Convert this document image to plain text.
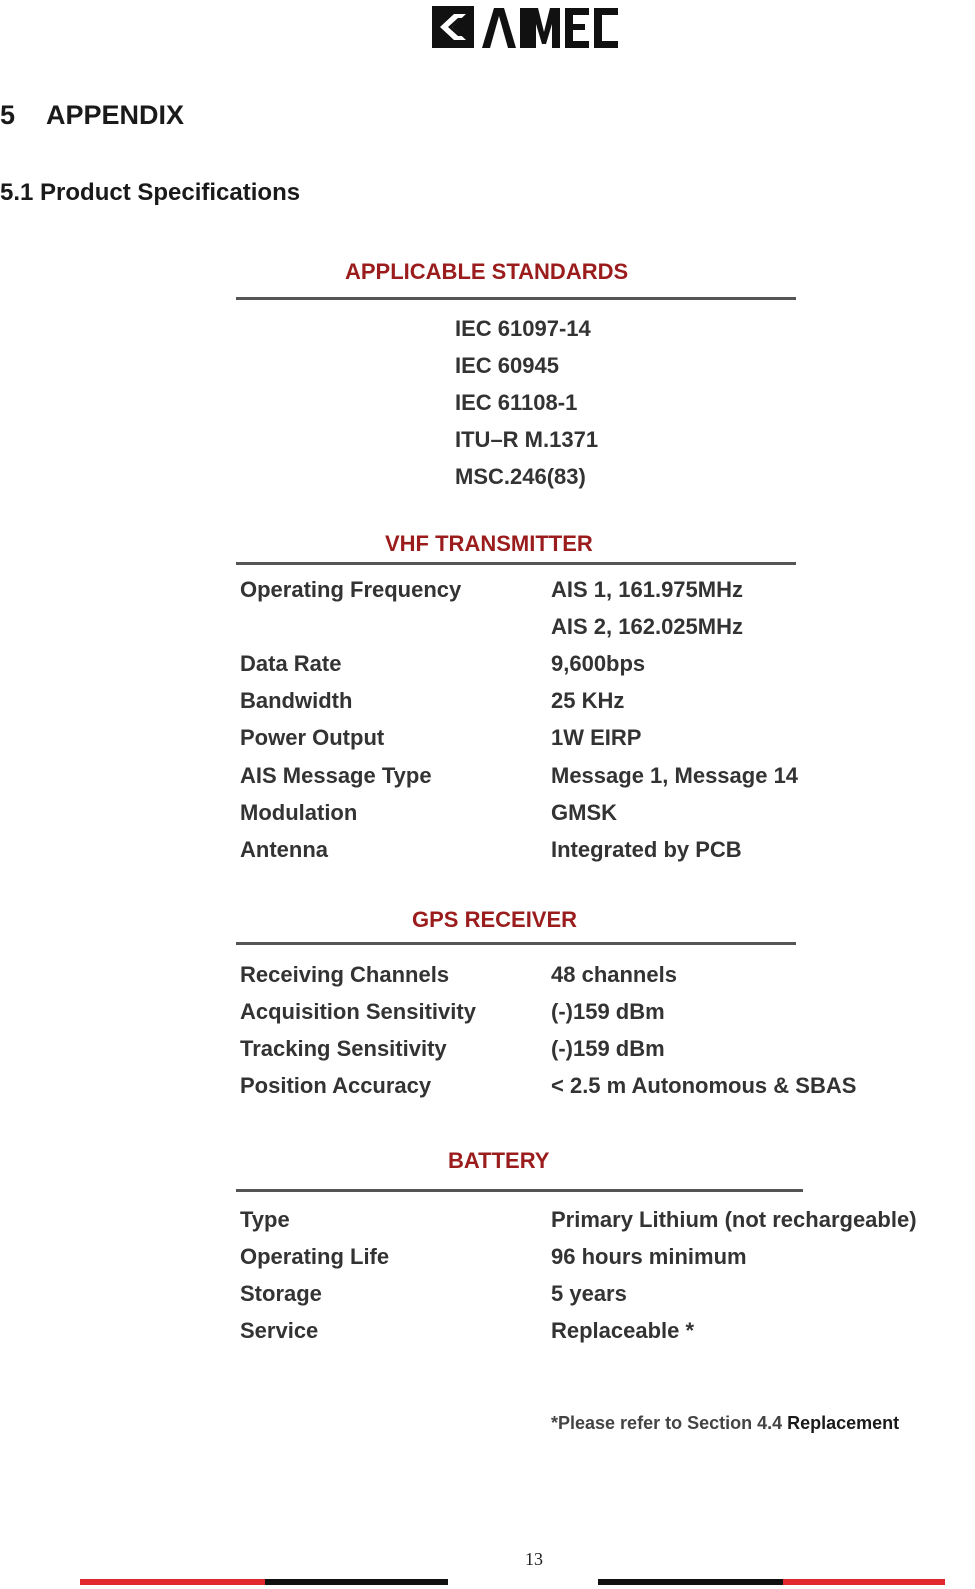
5 APPENDIX
5.1 Product Specifications
APPLICABLE STANDARDS
IEC 61097-14
IEC 60945
IEC 61108-1
ITU–R M.1371
MSC.246(83)
VHF TRANSMITTER
Operating Frequency	AIS 1, 161.975MHz
AIS 2, 162.025MHz
Data Rate	9,600bps
Bandwidth	25 KHz
Power Output	1W EIRP
AIS Message Type	Message 1, Message 14
Modulation	GMSK
Antenna	Integrated by PCB
GPS RECEIVER
Receiving Channels	48 channels
Acquisition Sensitivity	(-)159 dBm
Tracking Sensitivity	(-)159 dBm
Position Accuracy	< 2.5 m Autonomous & SBAS
BATTERY
Type	Primary Lithium (not rechargeable)
Operating Life	96 hours minimum
Storage	5 years
Service	Replaceable *
*Please refer to Section 4.4 Replacement
13
